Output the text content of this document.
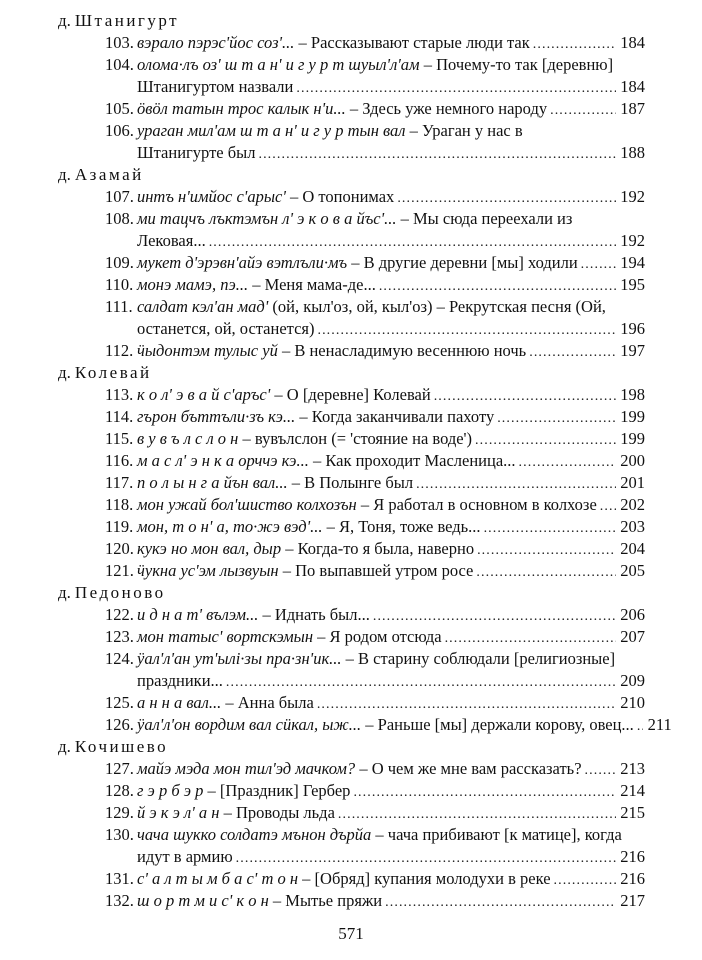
д. Штанигурт
103. вэрало пэрэс'йос соз'... – Рассказывают старые люди так . . .	184
104. олома·лъ оз' ш т а н' и г у р т шуыл'л'ам – Почему-то так [деревню]
Штанигуртом назвали . . .	184
105. ӧвӧл татын трос калык н'и... – Здесь уже немного народу . . .	187
106. ураган мил'ам ш т а н' и г у р тын вал – Ураган у нас в
Штанигурте был . . .	188
д. Азамай
107. интъ н'имйос с'арыс' – О топонимах . . .	192
108. ми тацчъ лъктэмън л' э к о в а йъс'... – Мы сюда переехали из
Лековая... . . .	192
109. мукет д'эрэвн'айэ вэтлъли·мъ – В другие деревни [мы] ходили . . .	194
110. монэ мамэ, пэ... – Меня мама-де... . . .	195
111. салдат кэл'ан мад'
(ой, кыл'оз, ой, кыл'оз) – Рекрутская песня (Ой,
останется, ой, останется) . . .	196
112. ӵыдонтэм тулыс уй – В ненасладимую весеннюю ночь . . .	197
д. Колевай
113. к о л' э в а й с'аръс' – О [деревне] Колевай . . .	198
114. гърон бъттъли·зъ кэ... – Когда заканчивали пахоту . . .	199
115. в у в ъ л с л о н – вувълслон (= 'стояние на воде') . . .	199
116. м а с л' э н к а орччэ кэ... – Как проходит Масленица... . . .	200
117. п о л ы н г а йън вал... – В Полынге был . . .	201
118. мон ужай бол'шиство колхозън – Я работал в основном в колхозе . . . 202
119. мон, т о н' а, то·жэ вэд'... – Я, Тоня, тоже ведь... . . .	203
120. кукэ но мон вал, дыр – Когда-то я была, наверно . . .	204
121. ӵукна ус'эм лызвуын – По выпавшей утром росе . . .	205
д. Педоново
122. и д н а т' вълэм... – Иднать был... . . .	206
123. мон татыс' вортскэмын – Я родом отсюда . . .	207
124. ӱал'л'ан ут'ылі·зы пра·зн'ик... – В старину соблюдали [религиозные]
праздники... . . .	209
125. а н н а вал... – Анна была . . .	210
126. ӱал'л'он вордим вал сӥкал, ыж... – Раньше [мы] держали корову, овец... . . . 211
д. Кочишево
127. майэ мэда мон тил'эд мачком? – О чем же мне вам рассказать? . . . 213
128. г э р б э р – [Праздник] Гербер . . .	214
129. й э к э л' а н – Проводы льда . . .	215
130. чача шукко солдатэ мънон дърйа – чача прибивают [к матице], когда
идут в армию . . .	216
131. с' а л т ы м б а с' т о н – [Обряд] купания молодухи в реке . . .	216
132. ш о р т м и с' к о н – Мытье пряжи . . .	217
571
